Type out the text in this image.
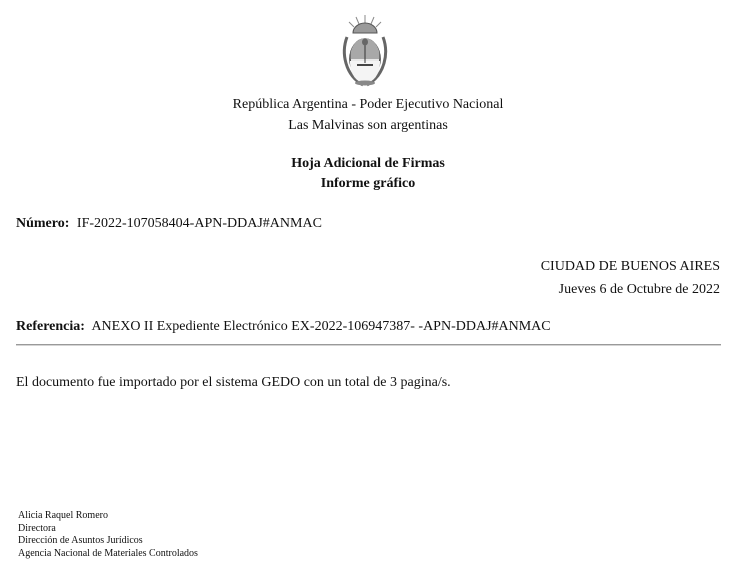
República Argentina - Poder Ejecutivo Nacional
Las Malvinas son argentinas
Hoja Adicional de Firmas
Informe gráfico
Número: IF-2022-107058404-APN-DDAJ#ANMAC
CIUDAD DE BUENOS AIRES
Jueves 6 de Octubre de 2022
Referencia: ANEXO II Expediente Electrónico EX-2022-106947387- -APN-DDAJ#ANMAC
El documento fue importado por el sistema GEDO con un total de 3 pagina/s.
Alicia Raquel Romero
Directora
Dirección de Asuntos Jurídicos
Agencia Nacional de Materiales Controlados
